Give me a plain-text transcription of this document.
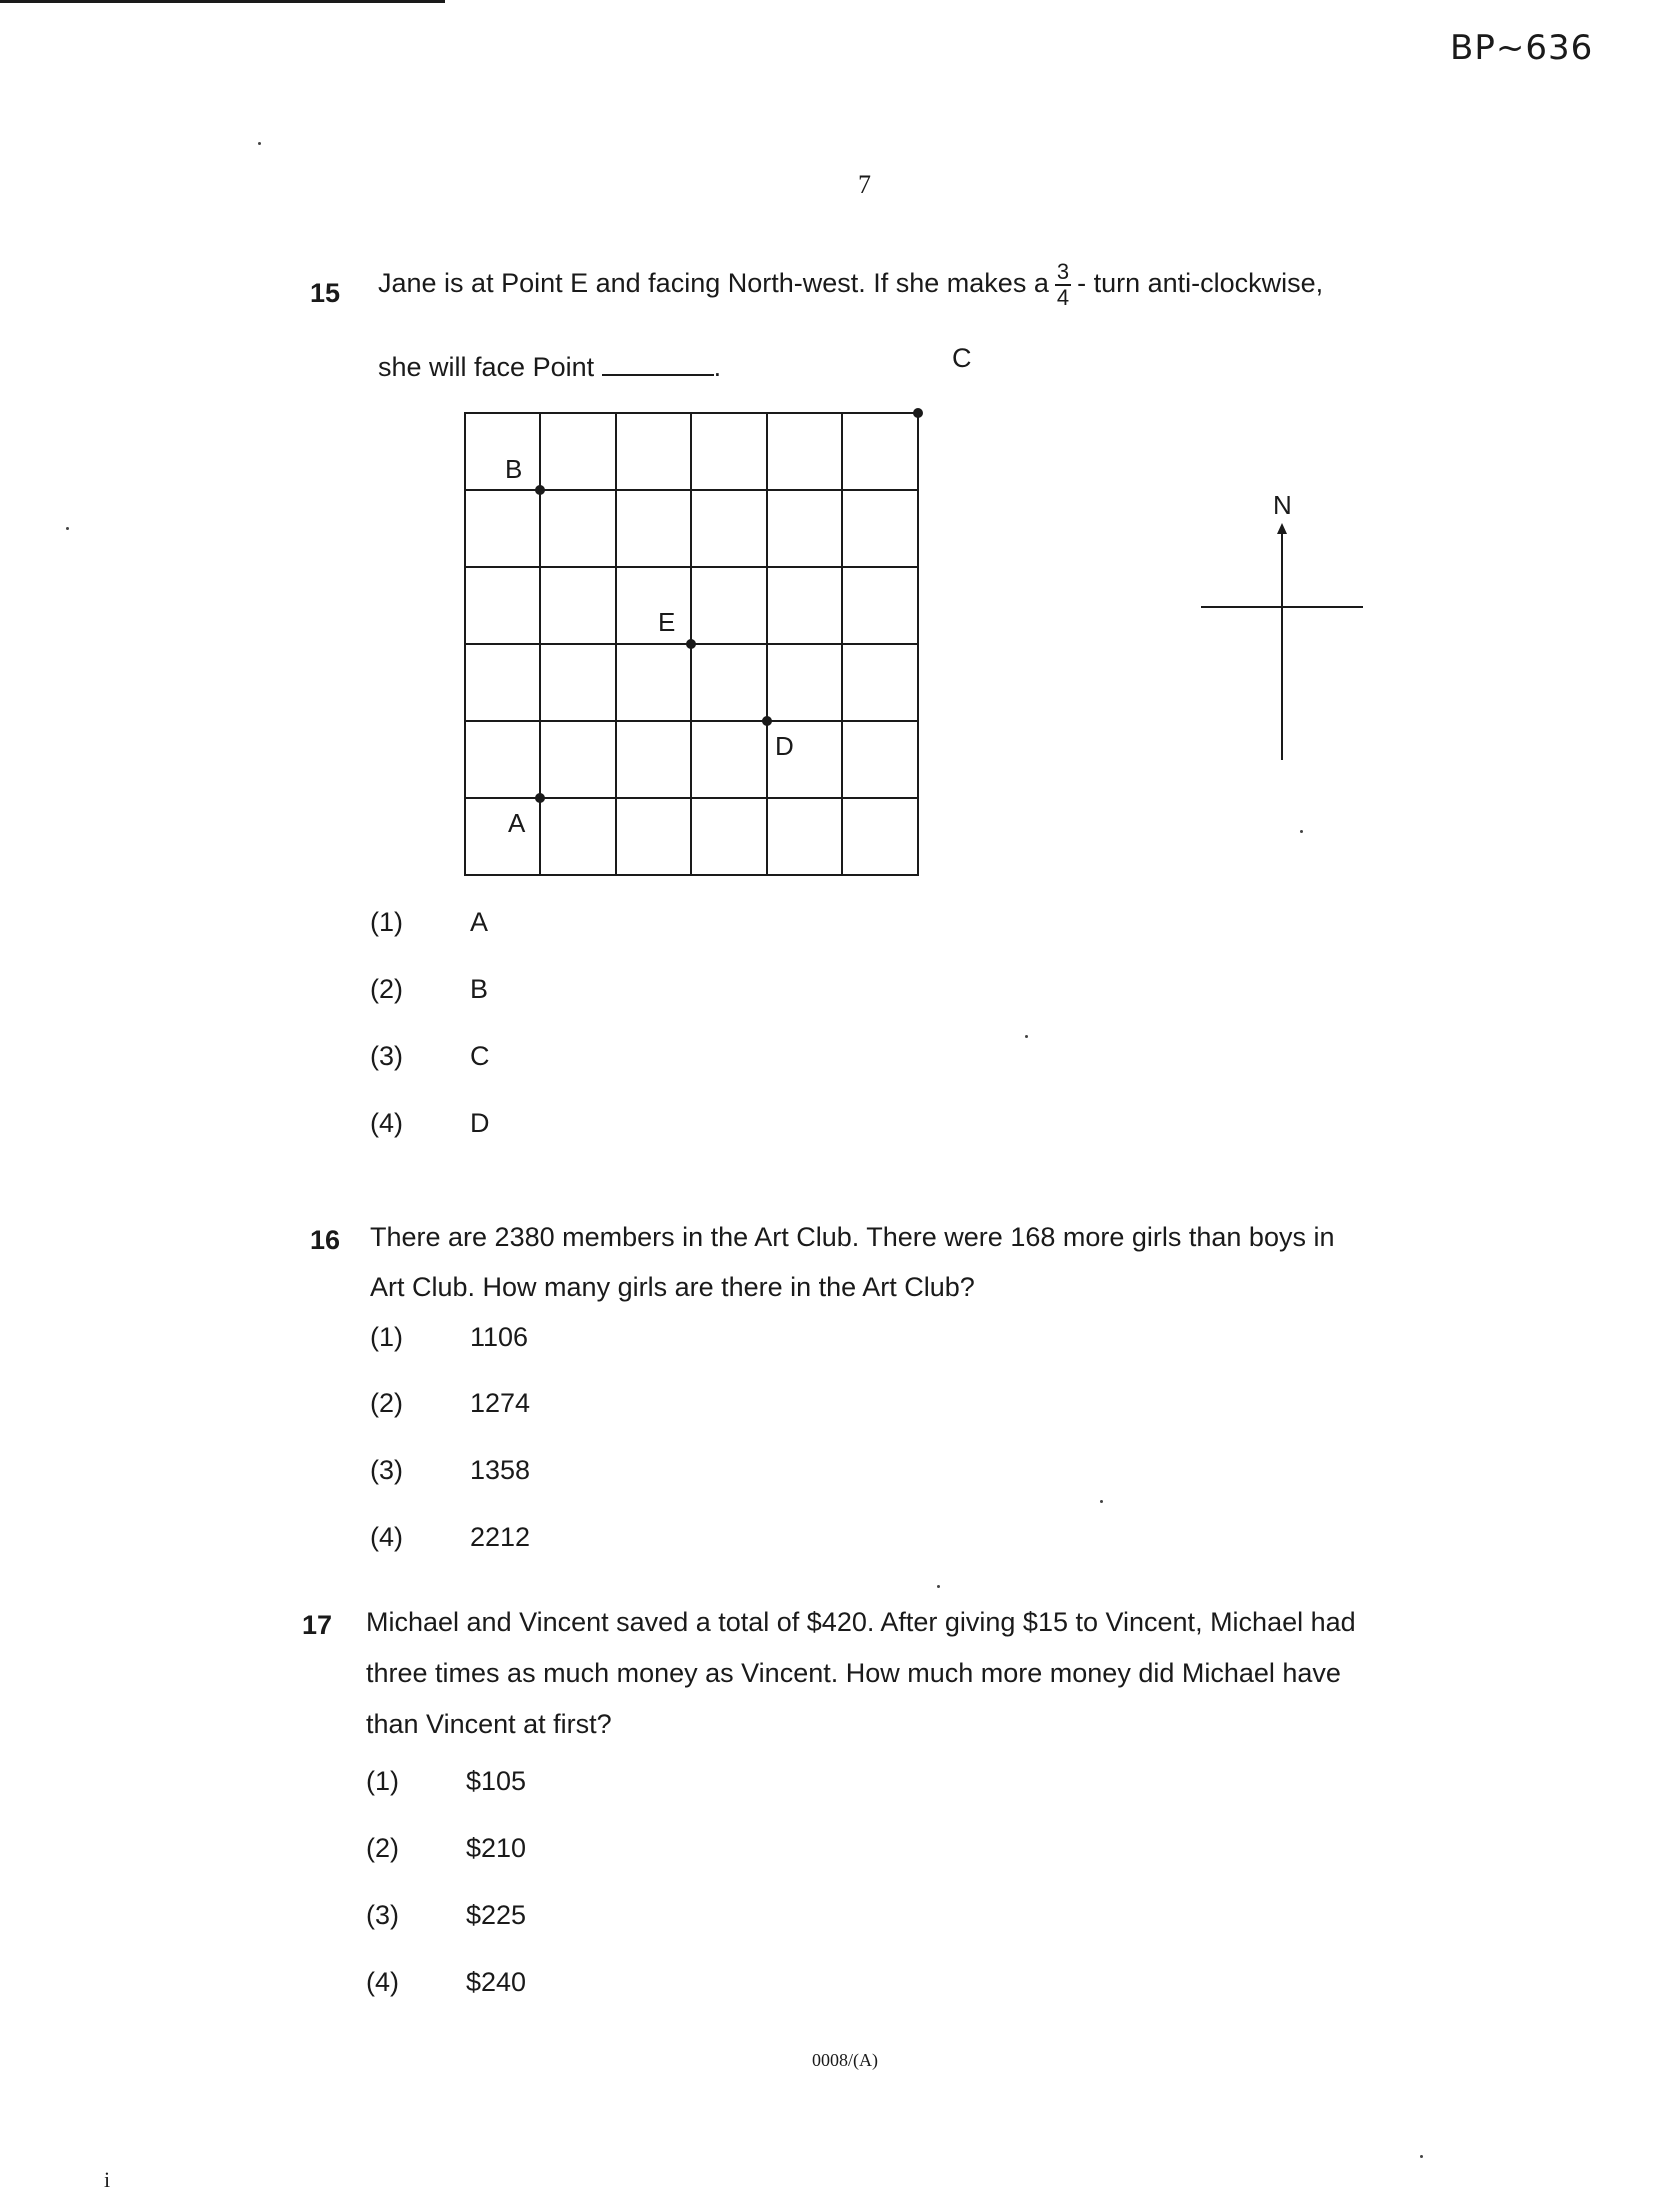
BP~636
7
15 Jane is at Point E and facing North-west. If she makes a $\frac{3}{4}$ - turn anti-clockwise,
she will face Point	.	C
B
E
D
A
N
(1) A
(2) B
(3) C
(4) D
16 There are 2380 members in the Art Club. There were 168 more girls than boys in
Art Club. How many girls are there in the Art Club?
(1) 1106
(2) 1274
(3) 1358
(4) 2212
17 Michael and Vincent saved a total of $420. After giving $15 to Vincent, Michael had
three times as much money as Vincent. How much more money did Michael have
than Vincent at first?
(1) $105
(2) $210
(3) $225
(4) $240
0008/(A)
i
